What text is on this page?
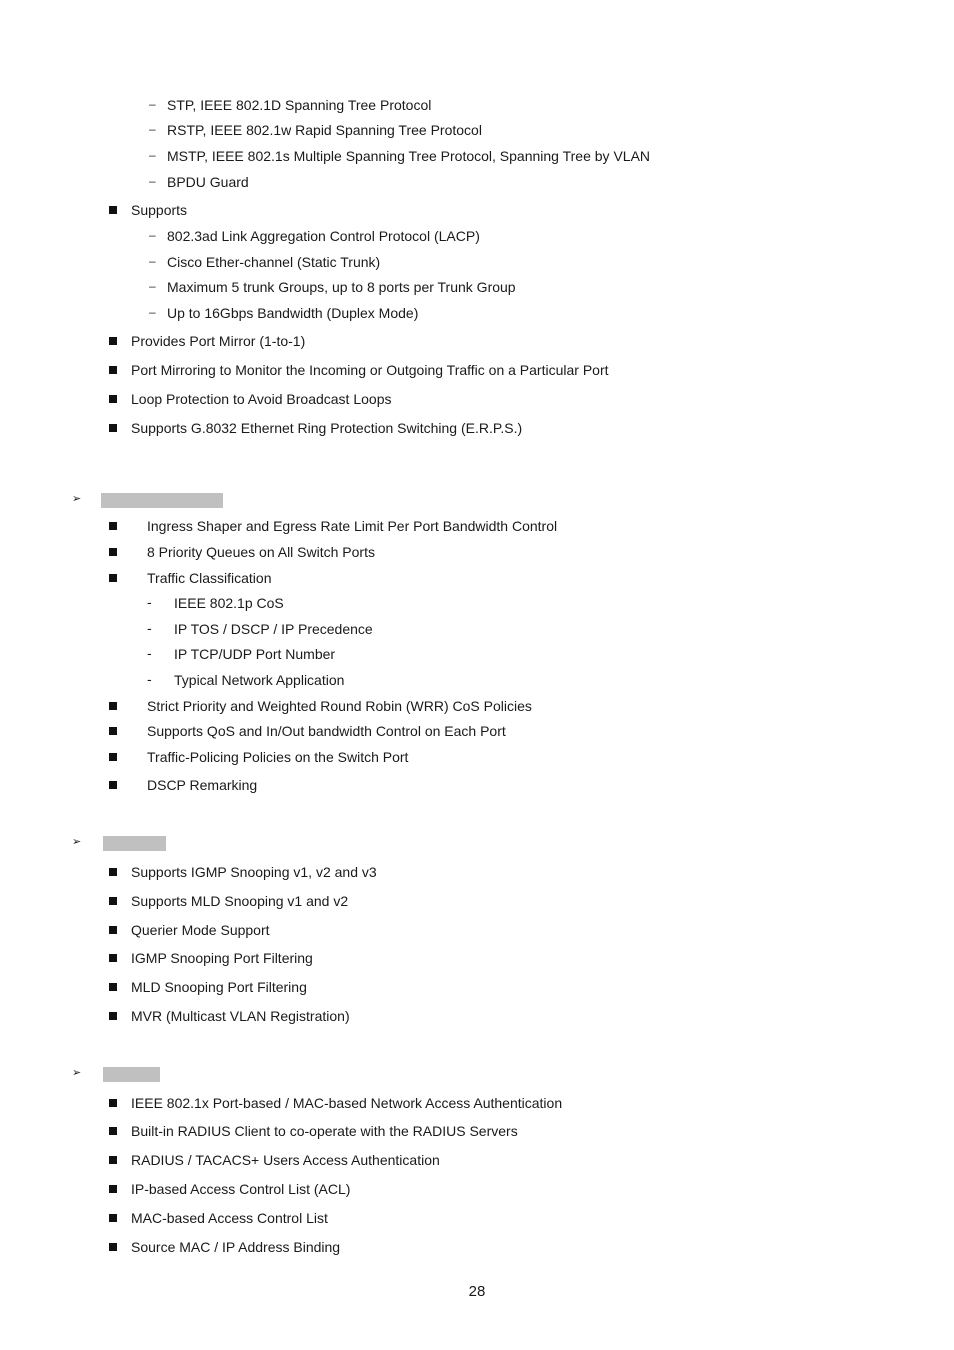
– STP, IEEE 802.1D Spanning Tree Protocol
– RSTP, IEEE 802.1w Rapid Spanning Tree Protocol
– MSTP, IEEE 802.1s Multiple Spanning Tree Protocol, Spanning Tree by VLAN
– BPDU Guard
Supports
– 802.3ad Link Aggregation Control Protocol (LACP)
– Cisco Ether-channel (Static Trunk)
– Maximum 5 trunk Groups, up to 8 ports per Trunk Group
– Up to 16Gbps Bandwidth (Duplex Mode)
Provides Port Mirror (1-to-1)
Port Mirroring to Monitor the Incoming or Outgoing Traffic on a Particular Port
Loop Protection to Avoid Broadcast Loops
Supports G.8032 Ethernet Ring Protection Switching (E.R.P.S.)
➢
Ingress Shaper and Egress Rate Limit Per Port Bandwidth Control
8 Priority Queues on All Switch Ports
Traffic Classification
- IEEE 802.1p CoS
- IP TOS / DSCP / IP Precedence
- IP TCP/UDP Port Number
- Typical Network Application
Strict Priority and Weighted Round Robin (WRR) CoS Policies
Supports QoS and In/Out bandwidth Control on Each Port
Traffic-Policing Policies on the Switch Port
DSCP Remarking
➢
Supports IGMP Snooping v1, v2 and v3
Supports MLD Snooping v1 and v2
Querier Mode Support
IGMP Snooping Port Filtering
MLD Snooping Port Filtering
MVR (Multicast VLAN Registration)
➢
IEEE 802.1x Port-based / MAC-based Network Access Authentication
Built-in RADIUS Client to co-operate with the RADIUS Servers
RADIUS / TACACS+ Users Access Authentication
IP-based Access Control List (ACL)
MAC-based Access Control List
Source MAC / IP Address Binding
28
